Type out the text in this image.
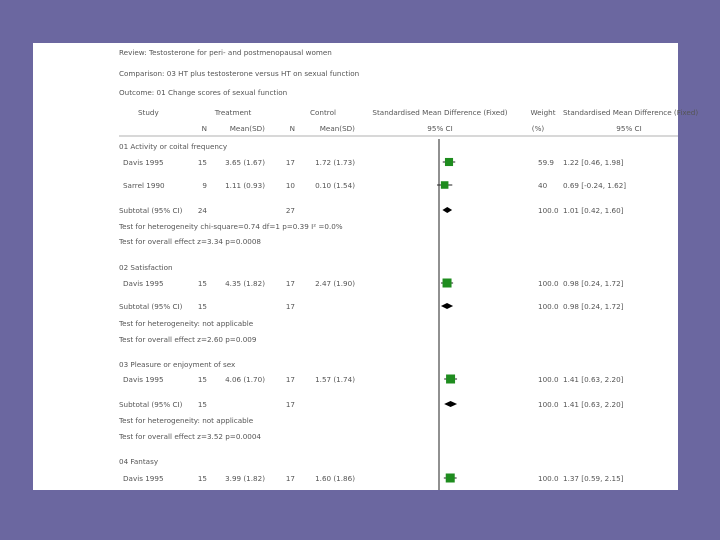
Review: Testosterone for peri- and postmenopausal women
Comparison: 03 HT plus testosterone versus HT on sexual function
Outcome: 01 Change scores of sexual function
Study	Treatment	Control	Standardised Mean Difference (Fixed)	Weight Standardised Mean Difference (Fixed)
N	Mean(SD)	N	Mean(SD)	95% CI	(%)	95% CI
01 Activity or coital frequency
Davis 1995	15	3.65 (1.67)	17	1.72 (1.73)	59.9 1.22 [0.46, 1.98]
Sarrel 1990	9	1.11 (0.93)	10	0.10 (1.54)	40 0.69 [-0.24, 1.62]
Subtotal (95% CI) 24	27	100.0 1.01 [0.42, 1.60]
Test for heterogeneity chi-square=0.74 df=1 p=0.39 I² =0.0%
Test for overall effect z=3.34 p=0.0008
02 Satisfaction
Davis 1995	15	4.35 (1.82)	17	2.47 (1.90)	100.0 0.98 [0.24, 1.72]
Subtotal (95% CI) 15	17	100.0 0.98 [0.24, 1.72]
Test for heterogeneity: not applicable
Test for overall effect z=2.60 p=0.009
03 Pleasure or enjoyment of sex
Davis 1995	15	4.06 (1.70)	17	1.57 (1.74)	100.0 1.41 [0.63, 2.20]
Subtotal (95% CI) 15	17	100.0 1.41 [0.63, 2.20]
Test for heterogeneity: not applicable
Test for overall effect z=3.52 p=0.0004
04 Fantasy
Davis 1995	15	3.99 (1.82)	17	1.60 (1.86)	100.0 1.37 [0.59, 2.15]
